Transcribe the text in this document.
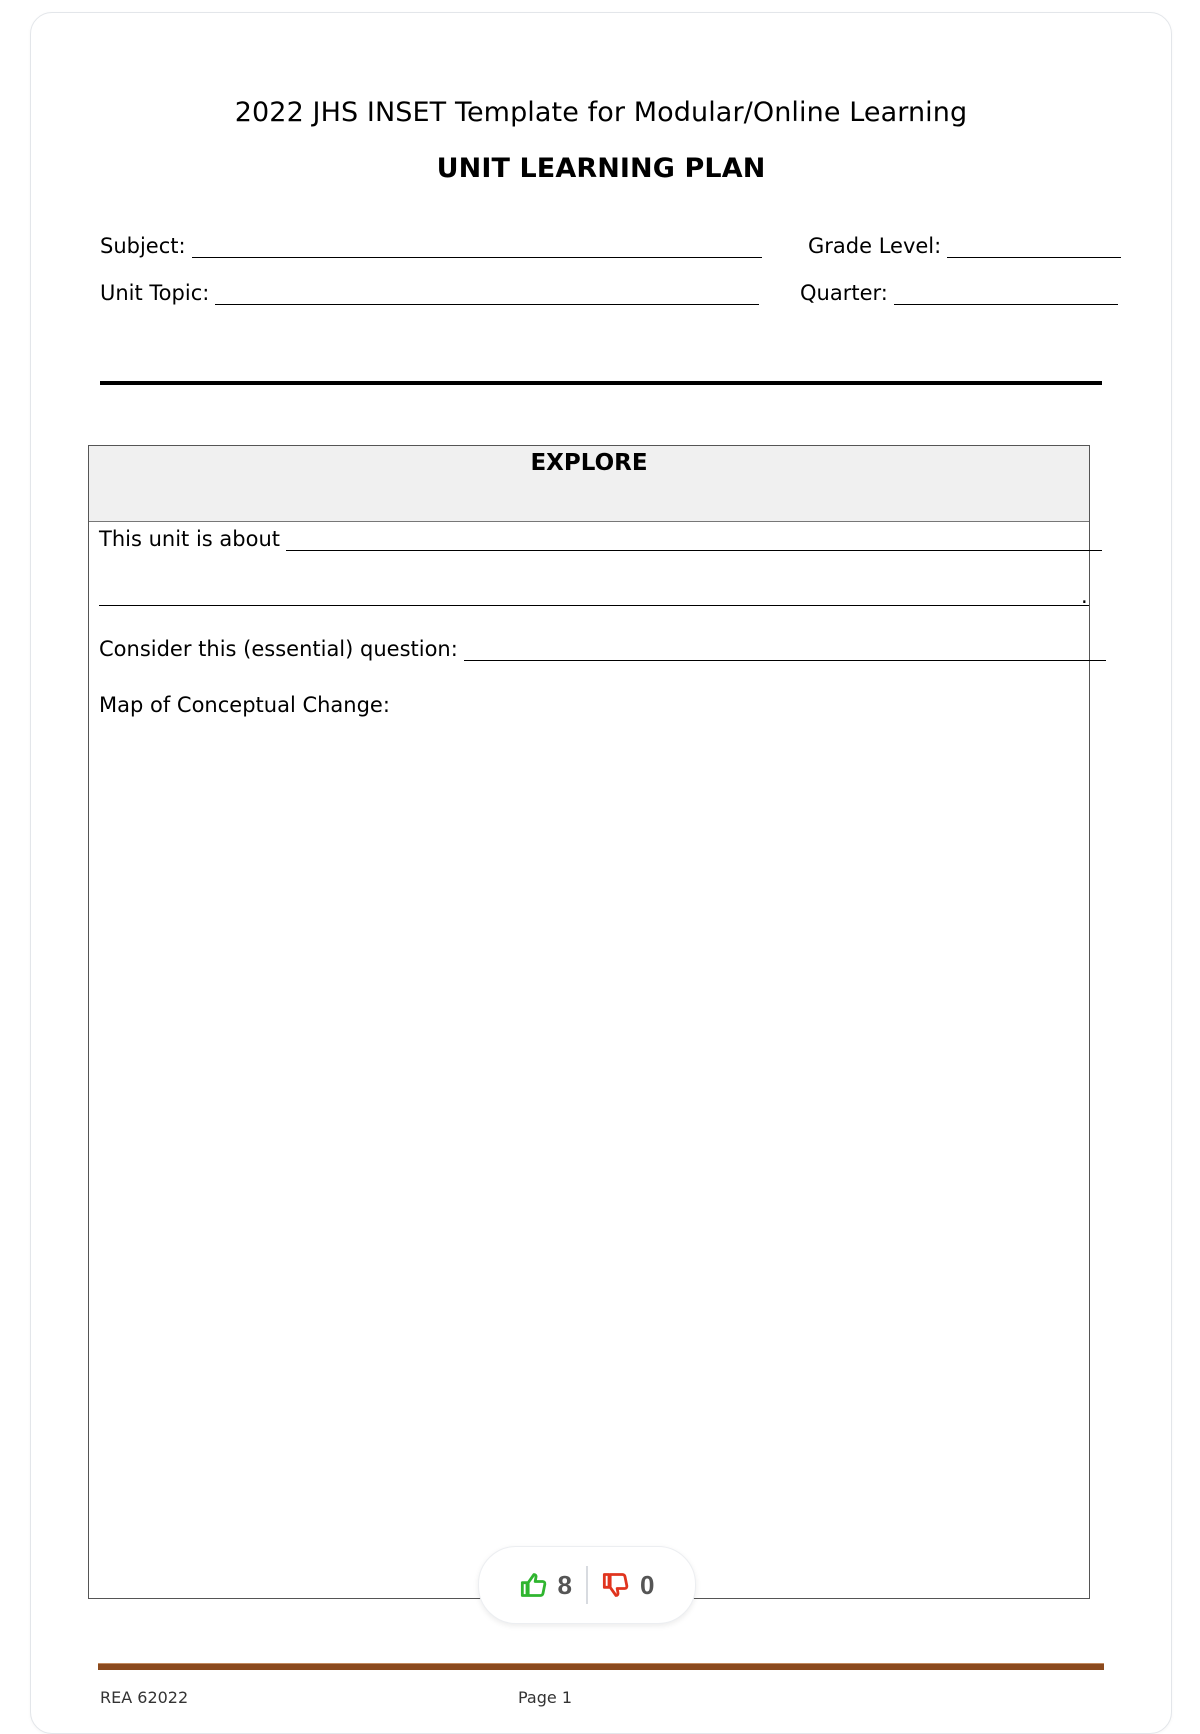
2022 JHS INSET Template for Modular/Online Learning
UNIT LEARNING PLAN
Subject:	Grade Level:
Unit Topic:	Quarter:
EXPLORE
This unit is about
.
Consider this (essential) question:
Map of Conceptual Change:
8	0
REA 62022	Page 1
